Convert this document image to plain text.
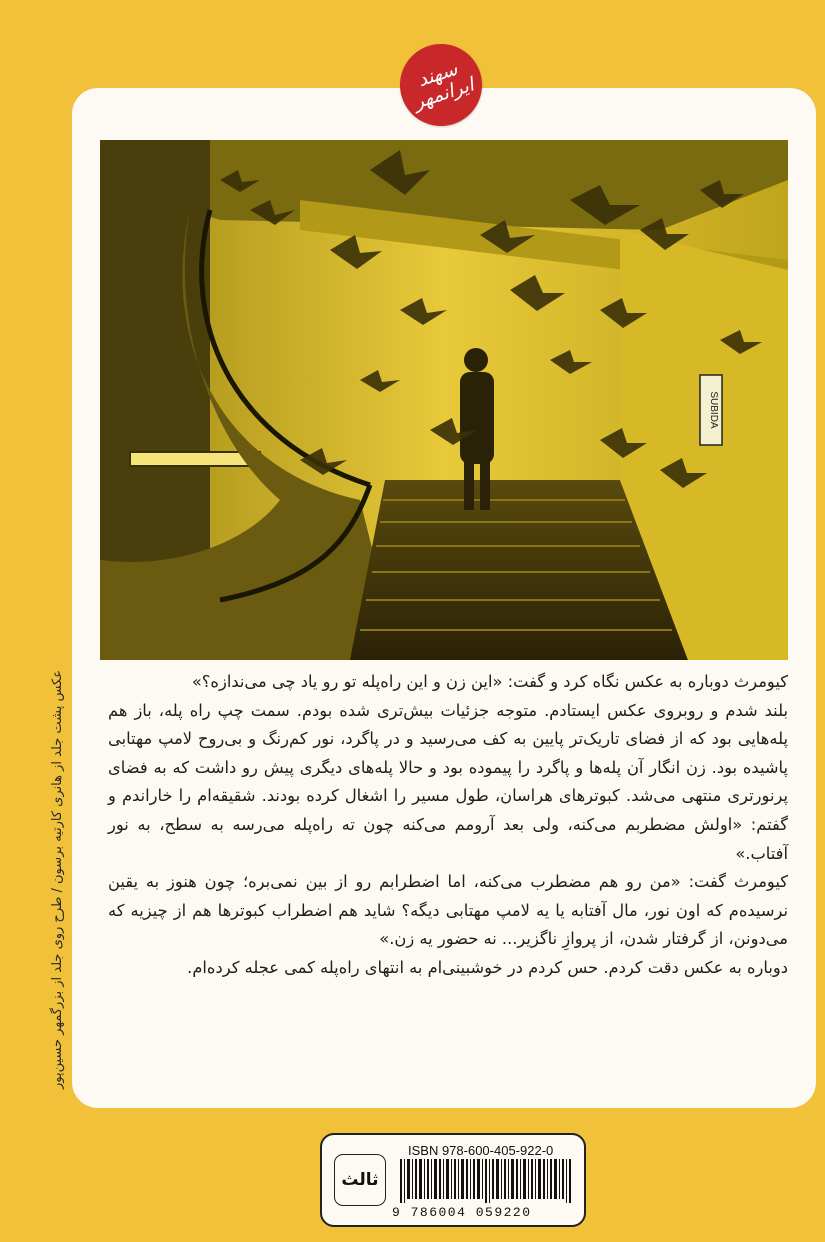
سهند ایرانمهر
SUBIDA

کیومرث دوباره به عکس نگاه کرد و گفت: «این زن و این راه‌پله تو رو یاد چی می‌ندازه؟»

بلند شدم و روبروی عکس ایستادم. متوجه جزئیات بیش‌تری شده بودم. سمت چپ راه پله، باز هم پله‌هایی بود که از فضای تاریک‌تر پایین به کف می‌رسید و در پاگرد، نور کم‌رنگ و بی‌روح لامپ مهتابی پاشیده بود. زن انگار آن پله‌ها و پاگرد را پیموده بود و حالا پله‌های دیگری پیش رو داشت که به فضای پرنورتری منتهی می‌شد. کبوترهای هراسان، طول مسیر را اشغال کرده بودند. شقیقه‌ام را خاراندم و گفتم: «اولش مضطربم می‌کنه، ولی بعد آرومم می‌کنه چون ته راه‌پله می‌رسه به سطح، به نور آفتاب.»

کیومرث گفت: «من رو هم مضطرب می‌کنه، اما اضطرابم رو از بین نمی‌بره؛ چون هنوز به یقین نرسیده‌م که اون نور، مال آفتابه یا یه لامپ مهتابی دیگه؟ شاید هم اضطراب کبوترها هم از چیزیه که می‌دونن، از گرفتار شدن، از پروازِ ناگزیر... نه حضور یه زن.»

دوباره به عکس دقت کردم. حس کردم در خوشبینی‌ام به انتهای راه‌پله کمی عجله کرده‌ام.

عکس پشت جلد از هانری کارتیه برسون / طرح روی جلد از بزرگمهر حسین‌پور
ثالث
ISBN 978-600-405-922-0
9 786004 059220
